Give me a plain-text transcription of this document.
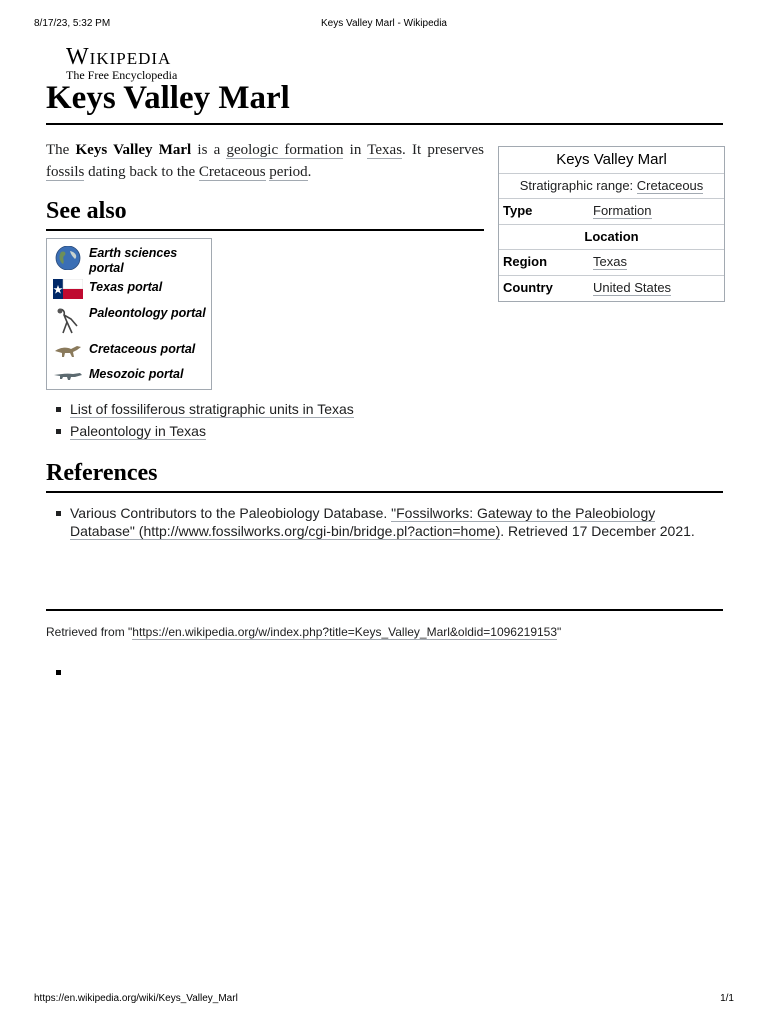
8/17/23, 5:32 PM	Keys Valley Marl - Wikipedia
Wikipedia
The Free Encyclopedia
Keys Valley Marl
The Keys Valley Marl is a geologic formation in Texas. It preserves fossils dating back to the Cretaceous period.
Keys Valley Marl
Stratigraphic range: Cretaceous
Type	Formation
Location
Region	Texas
Country	United States
See also
Earth sciences portal
Texas portal
Paleontology portal
Cretaceous portal
Mesozoic portal
List of fossiliferous stratigraphic units in Texas
Paleontology in Texas
References
Various Contributors to the Paleobiology Database. "Fossilworks: Gateway to the Paleobiology Database" (http://www.fossilworks.org/cgi-bin/bridge.pl?action=home). Retrieved 17 December 2021.
Retrieved from "https://en.wikipedia.org/w/index.php?title=Keys_Valley_Marl&oldid=1096219153"
https://en.wikipedia.org/wiki/Keys_Valley_Marl	1/1
